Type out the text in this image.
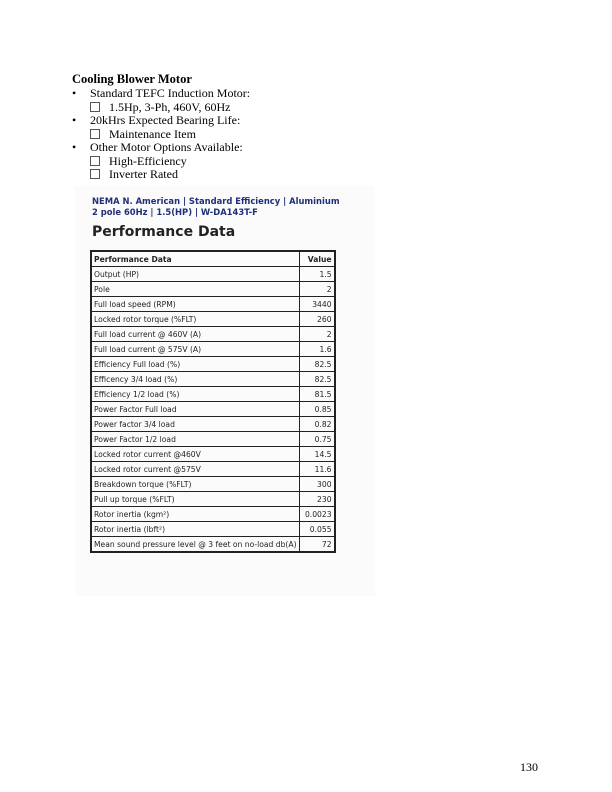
Cooling Blower Motor
• Standard TEFC Induction Motor:
1.5Hp, 3-Ph, 460V, 60Hz
• 20kHrs Expected Bearing Life:
Maintenance Item
• Other Motor Options Available:
High-Efficiency
Inverter Rated
NEMA N. American | Standard Efficiency | Aluminium
2 pole 60Hz | 1.5(HP) | W-DA143T-F
Performance Data
Performance Data	Value
Output (HP)	1.5
Pole	2
Full load speed (RPM)	3440
Locked rotor torque (%FLT)	260
Full load current @ 460V (A)	2
Full load current @ 575V (A)	1.6
Efficiency Full load (%)	82.5
Efficency 3/4 load (%)	82.5
Efficiency 1/2 load (%)	81.5
Power Factor Full load	0.85
Power factor 3/4 load	0.82
Power Factor 1/2 load	0.75
Locked rotor current @460V	14.5
Locked rotor current @575V	11.6
Breakdown torque (%FLT)	300
Pull up torque (%FLT)	230
Rotor inertia (kgm²)	0.0023
Rotor inertia (lbft²)	0.055
Mean sound pressure level @ 3 feet on no-load db(A)	72
130
